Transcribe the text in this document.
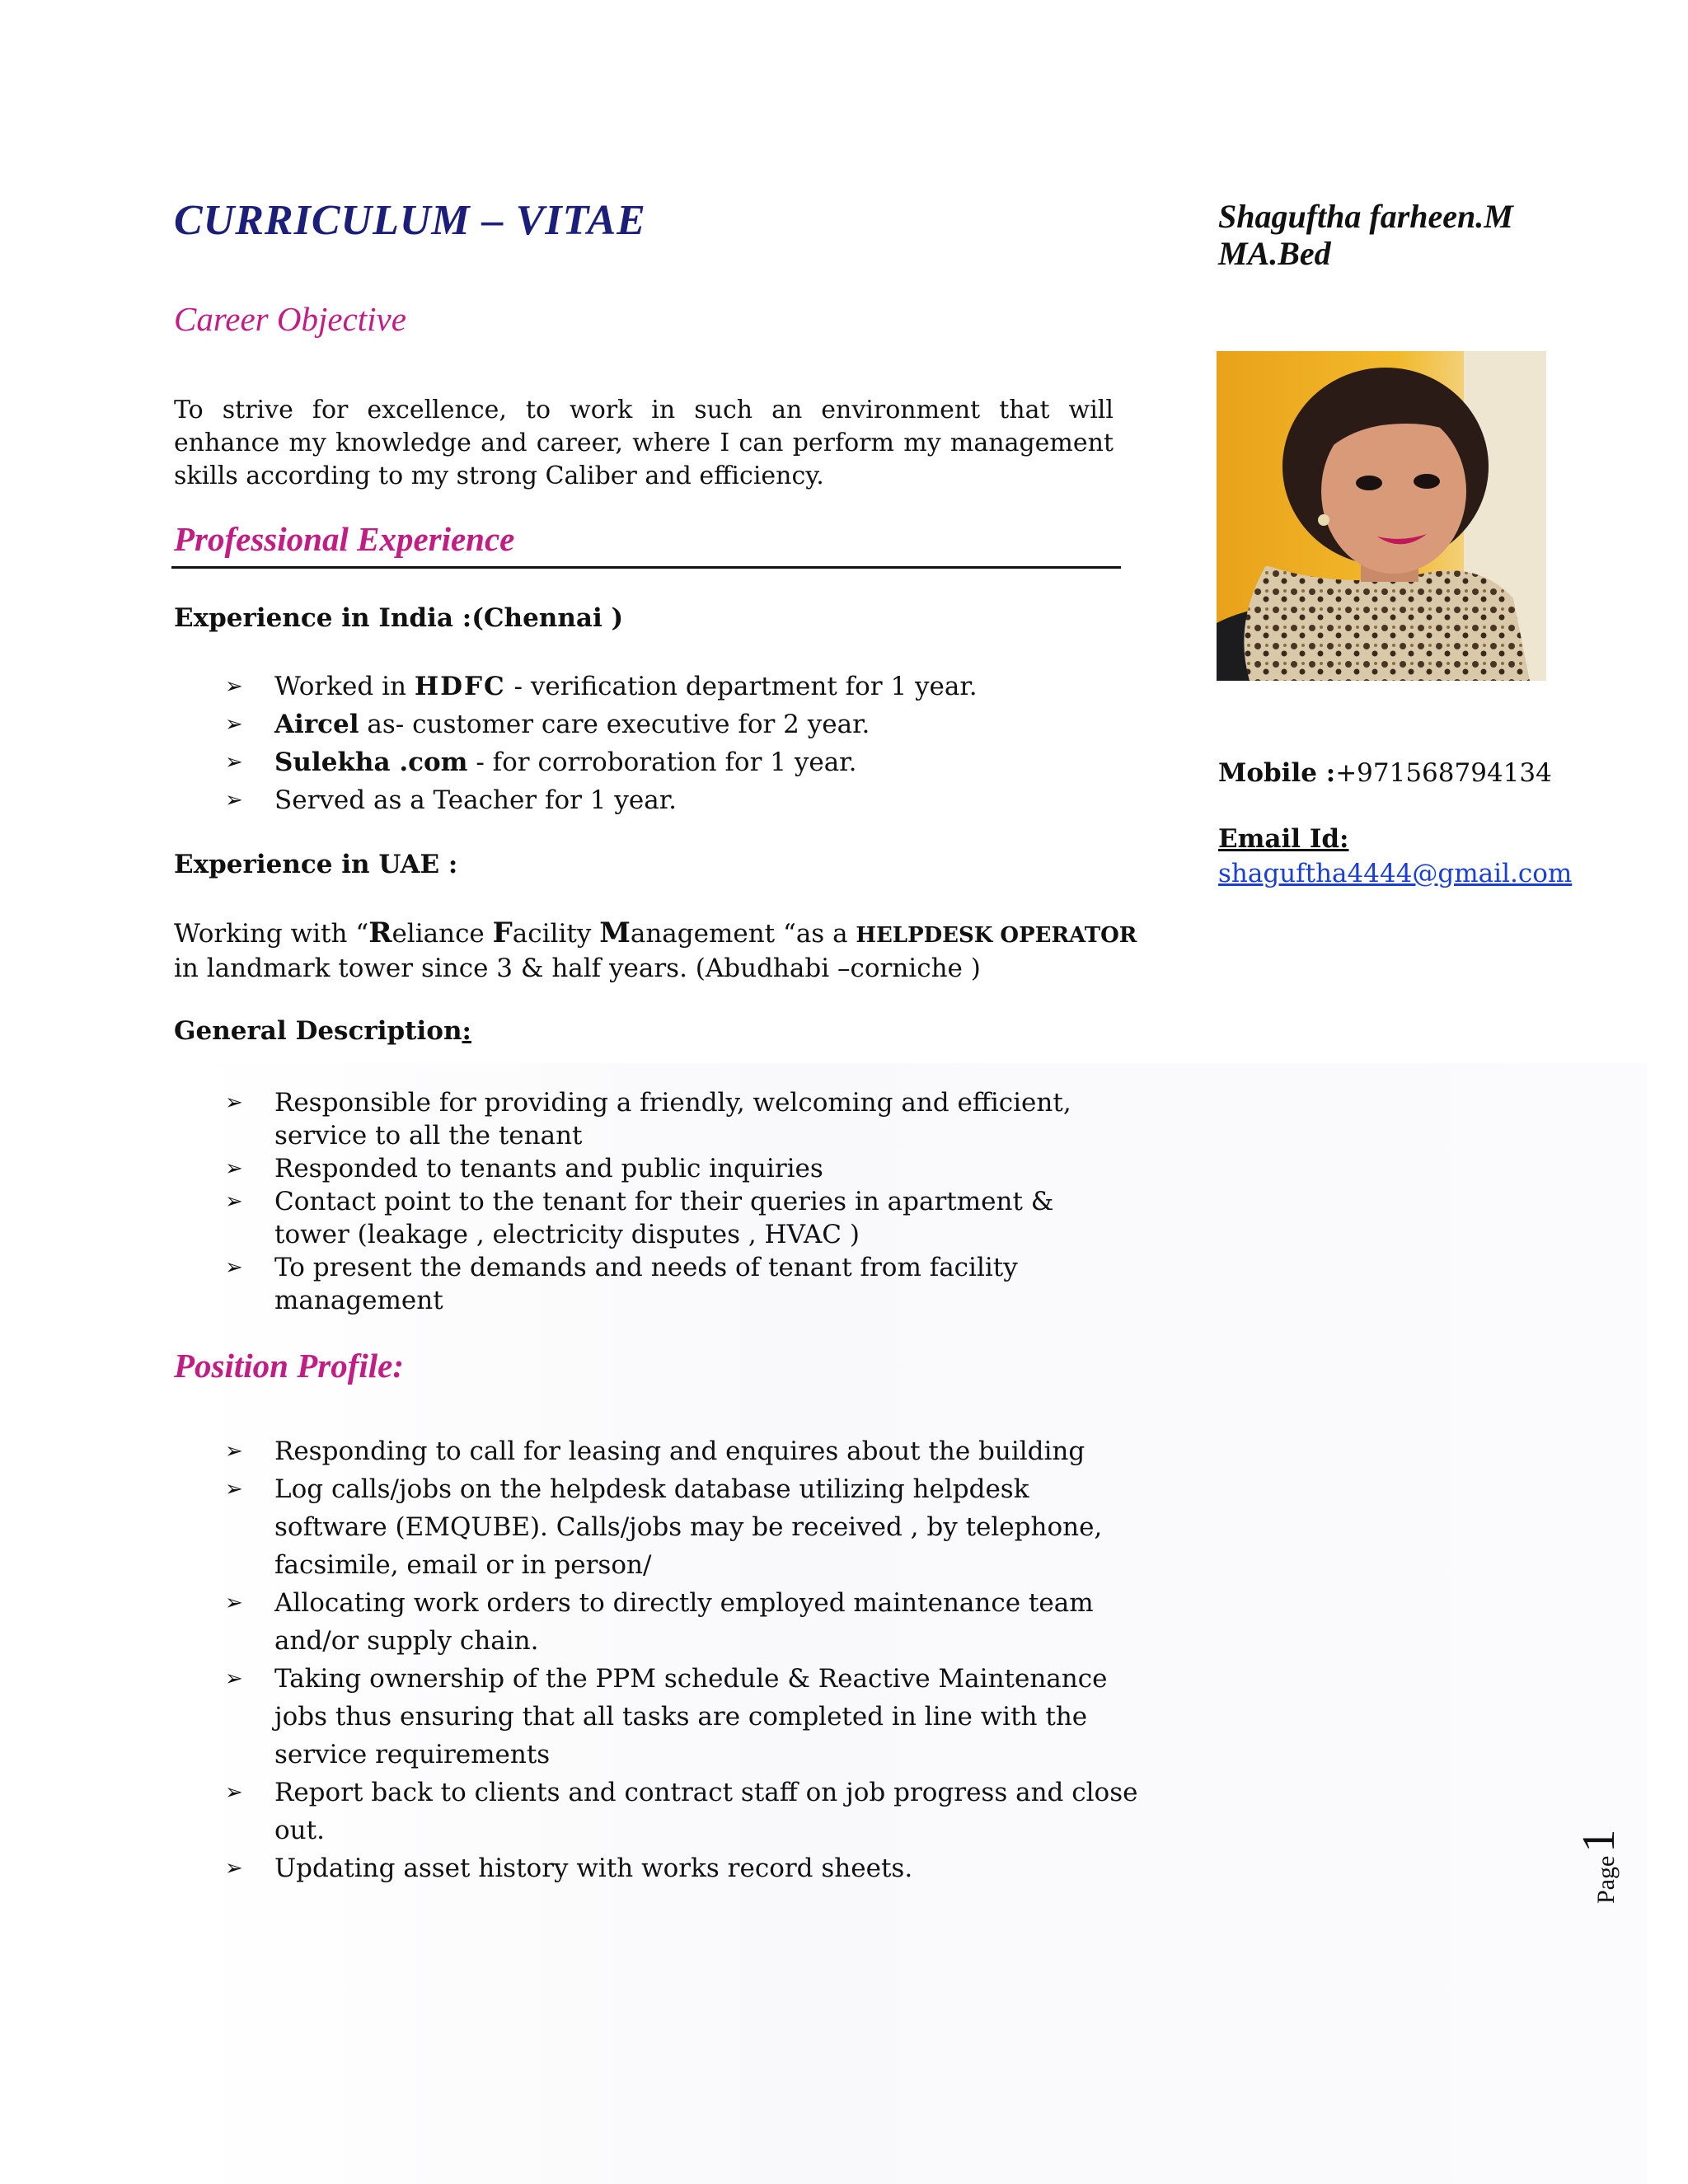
CURRICULUM – VITAE	Shaguftha farheen.M
MA.Bed
Mobile :+971568794134
Email Id:
shaguftha4444@gmail.com
Career Objective
To strive for excellence, to work in such an environment that will
enhance my knowledge and career, where I can perform my management
skills according to my strong Caliber and efficiency.
Professional Experience
Experience in India :(Chennai )
➢ Worked in HDFC - verification department for 1 year.
➢ Aircel as- customer care executive for 2 year.
➢ Sulekha .com - for corroboration for 1 year.
➢ Served as a Teacher for 1 year.
Experience in UAE :
Working with “Reliance Facility Management “as a HELPDESK OPERATOR
in landmark tower since 3 & half years. (Abudhabi –corniche )
General Description:
➢ Responsible for providing a friendly, welcoming and efficient,
service to all the tenant
➢ Responded to tenants and public inquiries
➢ Contact point to the tenant for their queries in apartment &
tower (leakage , electricity disputes , HVAC )
➢ To present the demands and needs of tenant from facility
management
Position Profile:
➢ Responding to call for leasing and enquires about the building
➢ Log calls/jobs on the helpdesk database utilizing helpdesk
software (EMQUBE). Calls/jobs may be received , by telephone,
facsimile, email or in person/
➢ Allocating work orders to directly employed maintenance team
and/or supply chain.
➢ Taking ownership of the PPM schedule & Reactive Maintenance
jobs thus ensuring that all tasks are completed in line with the
service requirements
➢ Report back to clients and contract staff on job progress and close
out.
➢ Updating asset history with works record sheets.	Page1
